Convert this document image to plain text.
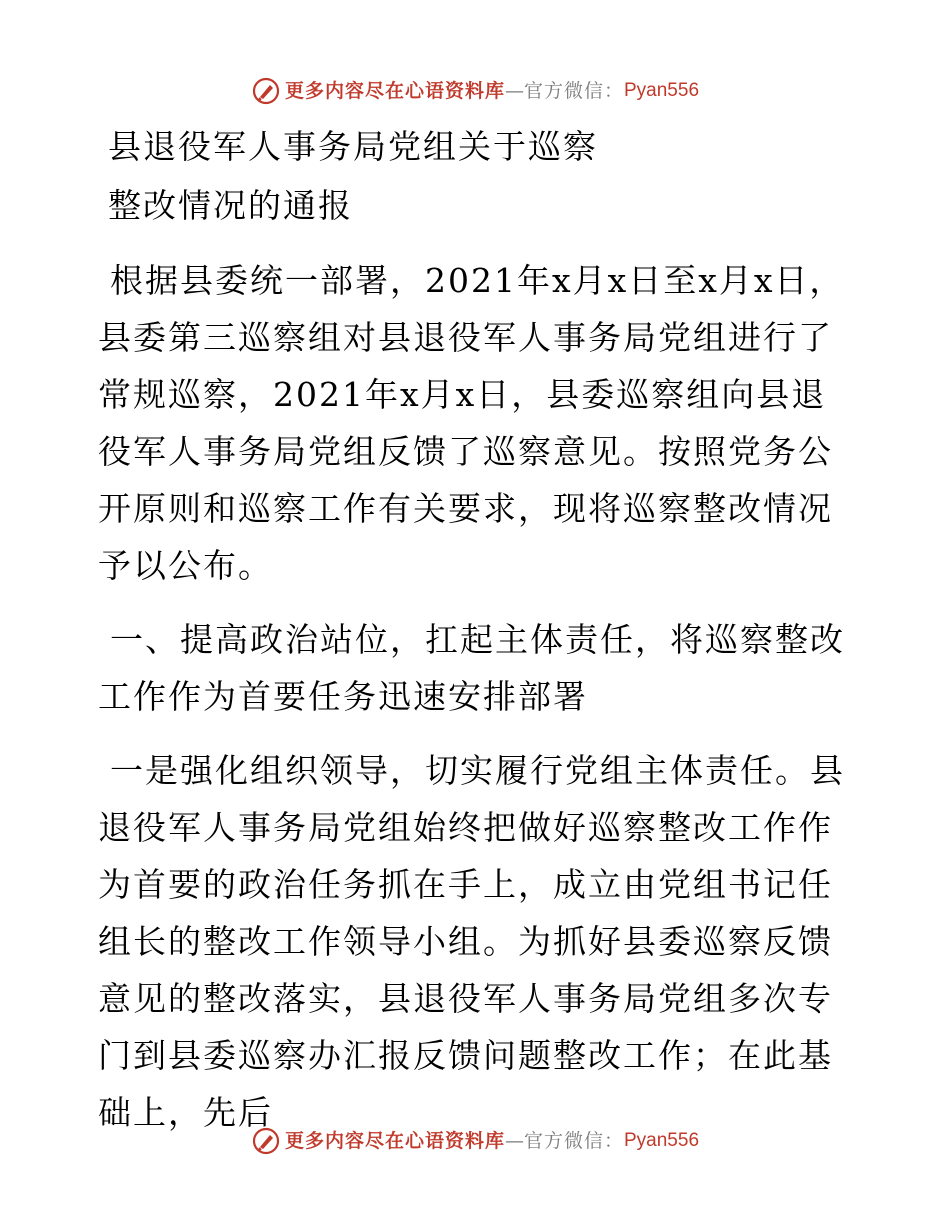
更多内容尽在心语资料库—官方微信：Pyan556

县退役军人事务局党组关于巡察

整改情况的通报

根据县委统一部署，2021年x月x日至x月x日，县委第三巡察组对县退役军人事务局党组进行了常规巡察，2021年x月x日，县委巡察组向县退役军人事务局党组反馈了巡察意见。按照党务公开原则和巡察工作有关要求，现将巡察整改情况予以公布。

一、提高政治站位，扛起主体责任，将巡察整改工作作为首要任务迅速安排部署

一是强化组织领导，切实履行党组主体责任。县退役军人事务局党组始终把做好巡察整改工作作为首要的政治任务抓在手上，成立由党组书记任组长的整改工作领导小组。为抓好县委巡察反馈意见的整改落实，县退役军人事务局党组多次专门到县委巡察办汇报反馈问题整改工作；在此基础上，先后

更多内容尽在心语资料库—官方微信：Pyan556
